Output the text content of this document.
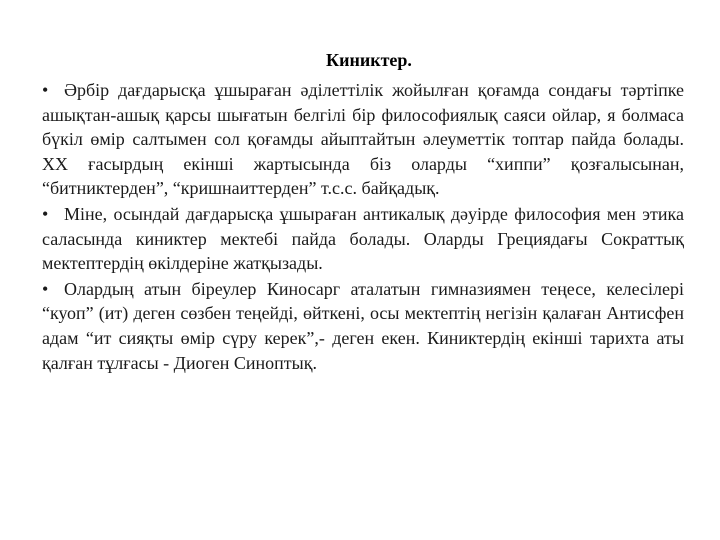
Киниктер.

• Әрбір дағдарысқа ұшыраған әділеттілік жойылған қоғамда сондағы тәртіпке ашықтан-ашық қарсы шығатын белгілі бір философиялық саяси ойлар, я болмаса бүкіл өмір салтымен сол қоғамды айыптайтын әлеуметтік топтар пайда болады. ХХ ғасырдың екінші жартысында біз оларды “хиппи” қозғалысынан, “битниктерден”, “кришнаиттерден” т.с.с. байқадық.

• Міне, осындай дағдарысқа ұшыраған антикалық дәуірде философия мен этика саласында киниктер мектебі пайда болады. Оларды Грециядағы Сократтық мектептердің өкілдеріне жатқызады.

• Олардың атын біреулер Киносарг аталатын гимназиямен теңесе, келесілері “куоп” (ит) деген сөзбен теңейді, өйткені, осы мектептің негізін қалаған Антисфен адам “ит сияқты өмір сүру керек”,- деген екен. Киниктердің екінші тарихта аты қалған тұлғасы - Диоген Синоптық.
